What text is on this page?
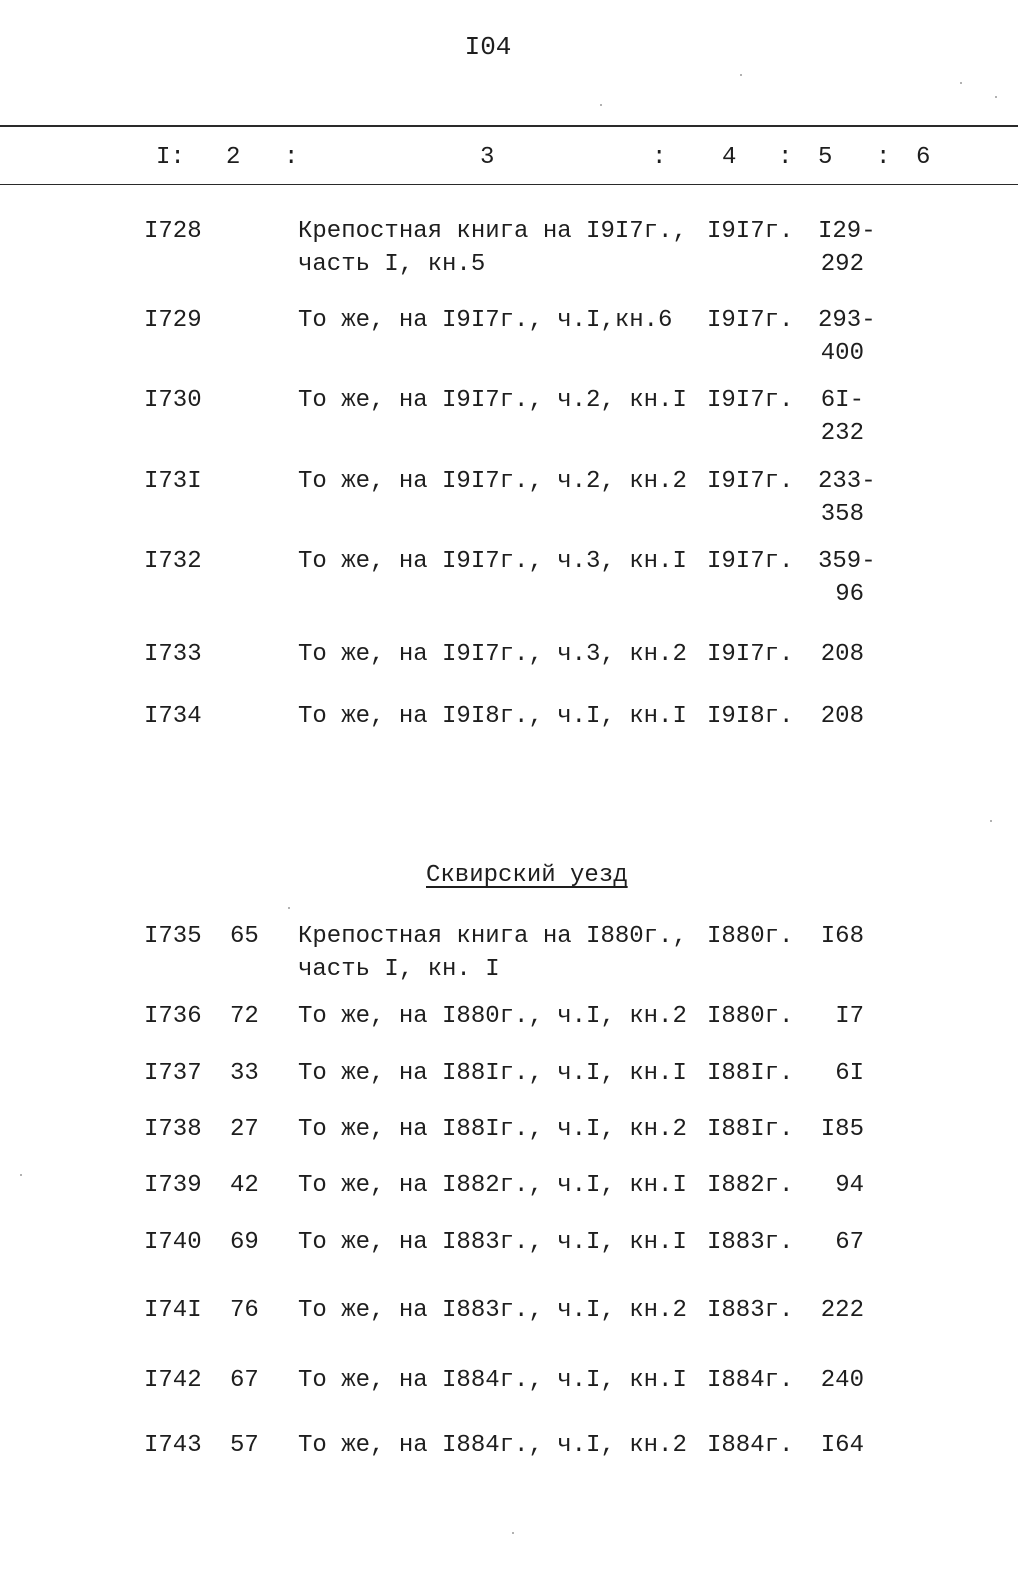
I04
I: 2 :	3	: 4 : 5 : 6
I728	Крепостная книга на I9I7г.,
часть I, кн.5
I9I7г. I29-
292
I729	То же, на I9I7г., ч.I,кн.6 I9I7г. 293-
400
I730	То же, на I9I7г., ч.2, кн.I I9I7г. 6I-
232
I73I	То же, на I9I7г., ч.2, кн.2 I9I7г. 233-
358
I732	То же, на I9I7г., ч.3, кн.I I9I7г. 359-
96
I733	То же, на I9I7г., ч.3, кн.2 I9I7г. 208
I734	То же, на I9I8г., ч.I, кн.I I9I8г. 208
Сквирский уезд
I735 65 Крепостная книга на I880г.,
часть I, кн. I
I880г. I68
I736 72 То же, на I880г., ч.I, кн.2 I880г.	I7
I737 33 То же, на I88Iг., ч.I, кн.I I88Iг.	6I
I738 27 То же, на I88Iг., ч.I, кн.2 I88Iг. I85
I739 42 То же, на I882г., ч.I, кн.I I882г.	94
I740 69 То же, на I883г., ч.I, кн.I I883г.	67
I74I 76 То же, на I883г., ч.I, кн.2 I883г. 222
I742 67 То же, на I884г., ч.I, кн.I I884г. 240
I743 57 То же, на I884г., ч.I, кн.2 I884г. I64
